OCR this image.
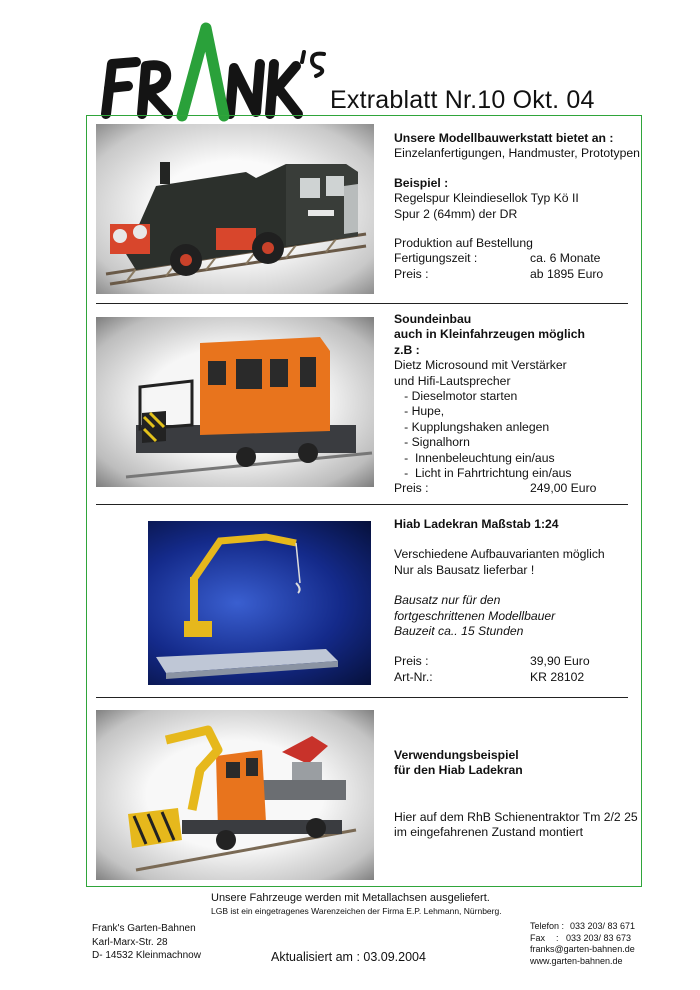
Extrablatt Nr.10 Okt. 04
Unsere Modellbauwerkstatt bietet an :
Einzelanfertigungen, Handmuster, Prototypen
Beispiel :
Regelspur Kleindiesellok Typ Kö II
Spur 2 (64mm) der DR
Produktion auf Bestellung
Fertigungszeit :	ca. 6 Monate
Preis :	ab 1895 Euro
Soundeinbau
auch in Kleinfahrzeugen möglich
z.B :
Dietz Microsound mit Verstärker
und Hifi-Lautsprecher
- Dieselmotor starten
- Hupe,
- Kupplungshaken anlegen
- Signalhorn
-  Innenbeleuchtung ein/aus
-  Licht in Fahrtrichtung ein/aus
Preis :	249,00 Euro
Hiab Ladekran Maßstab 1:24
Verschiedene Aufbauvarianten möglich
Nur als Bausatz lieferbar !
Bausatz nur für den
fortgeschrittenen Modellbauer
Bauzeit ca.. 15 Stunden
Preis :	39,90 Euro
Art-Nr.:	KR 28102
Verwendungsbeispiel
für den Hiab Ladekran
Hier auf dem RhB Schienentraktor Tm 2/2 25
im eingefahrenen Zustand montiert
Unsere Fahrzeuge werden mit Metallachsen ausgeliefert.
LGB ist ein eingetragenes Warenzeichen der Firma E.P. Lehmann, Nürnberg.
Frank's Garten-Bahnen
Karl-Marx-Str. 28
D- 14532 Kleinmachnow	Aktualisiert am : 03.09.2004
Telefon : 033 203/ 83 671
Fax	:   033 203/ 83 673
franks@garten-bahnen.de
www.garten-bahnen.de
